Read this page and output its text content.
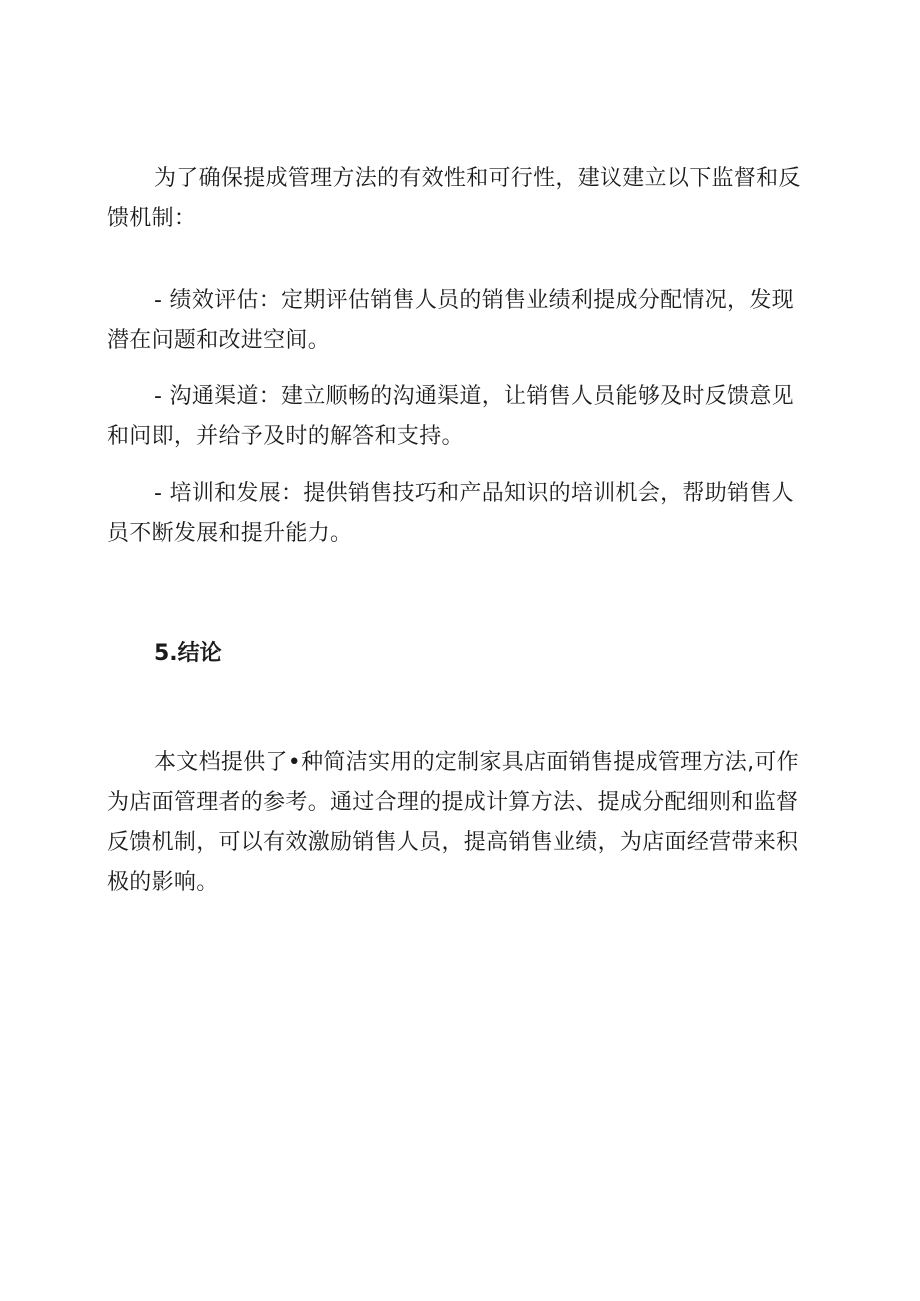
为了确保提成管理方法的有效性和可行性，建议建立以下监督和反馈机制：

- 绩效评估：定期评估销售人员的销售业绩利提成分配情况，发现潜在问题和改进空间。

- 沟通渠道：建立顺畅的沟通渠道，让销售人员能够及时反馈意见和问即，并给予及时的解答和支持。

- 培训和发展：提供销售技巧和产品知识的培训机会，帮助销售人员不断发展和提升能力。

5.结论

本文档提供了•种简洁实用的定制家具店面销售提成管理方法,可作为店面管理者的参考。通过合理的提成计算方法、提成分配细则和监督反馈机制，可以有效激励销售人员，提高销售业绩，为店面经营带来积极的影响。
